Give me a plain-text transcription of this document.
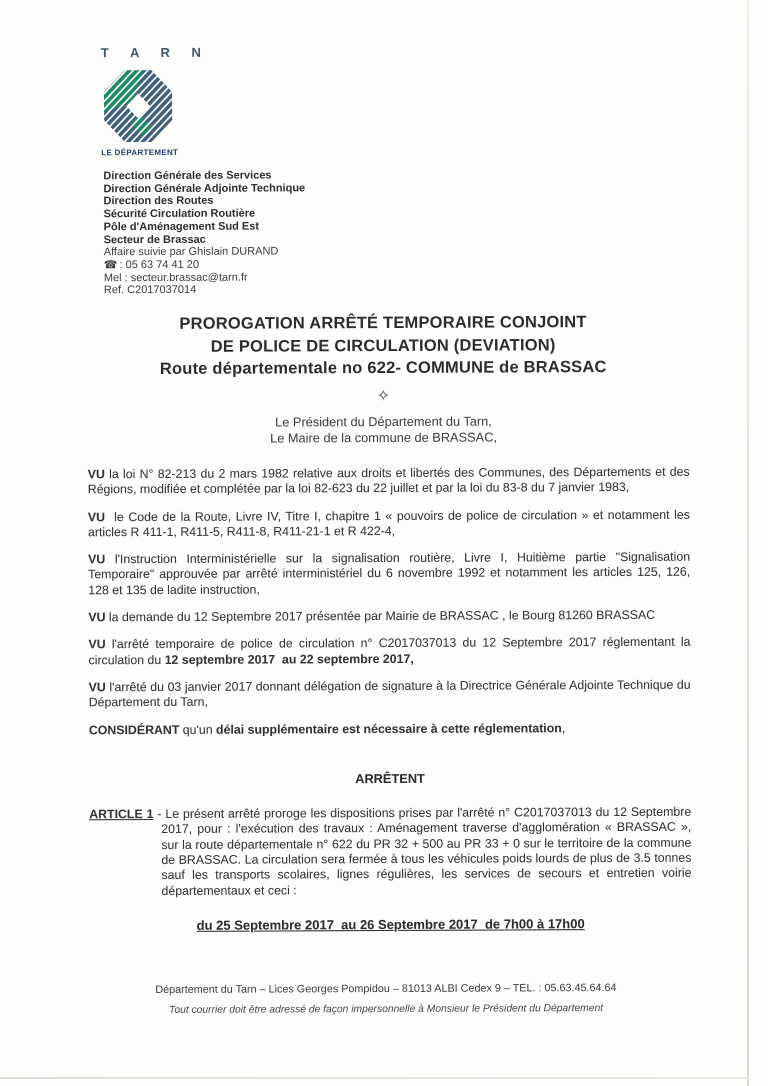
T A R N
LE DÉPARTEMENT
Direction Générale des Services
Direction Générale Adjointe Technique
Direction des Routes
Sécurité Circulation Routière
Pôle d'Aménagement Sud Est
Secteur de Brassac
Affaire suivie par Ghislain DURAND
☎ : 05 63 74 41 20
Mel : secteur.brassac@tarn.fr
Ref. C2017037014
PROROGATION ARRÊTÉ TEMPORAIRE CONJOINT
DE POLICE DE CIRCULATION (DEVIATION)
Route départementale no 622- COMMUNE de BRASSAC
✧
Le Président du Département du Tarn,
Le Maire de la commune de BRASSAC,

VU la loi N° 82-213 du 2 mars 1982 relative aux droits et libertés des Communes, des Départements et des Régions, modifiée et complétée par la loi 82-623 du 22 juillet et par la loi du 83-8 du 7 janvier 1983,

VU  le Code de la Route, Livre IV, Titre I, chapitre 1 « pouvoirs de police de circulation » et notamment les articles R 411-1, R411-5, R411-8, R411-21-1 et R 422-4,

VU l'Instruction Interministérielle sur la signalisation routière, Livre I, Huitième partie "Signalisation Temporaire" approuvée par arrêté interministériel du 6 novembre 1992 et notamment les articles 125, 126, 128 et 135 de ladite instruction,

VU la demande du 12 Septembre 2017 présentée par Mairie de BRASSAC , le Bourg 81260 BRASSAC

VU l'arrêté temporaire de police de circulation n° C2017037013 du 12 Septembre 2017 réglementant la circulation du 12 septembre 2017  au 22 septembre 2017,

VU l'arrêté du 03 janvier 2017 donnant délégation de signature à la Directrice Générale Adjointe Technique du Département du Tarn,

CONSIDÉRANT qu'un délai supplémentaire est nécessaire à cette réglementation,

ARRÊTENT

ARTICLE 1 - Le présent arrêté proroge les dispositions prises par l'arrêté n° C2017037013 du 12 Septembre 2017, pour : l'exécution des travaux : Aménagement traverse d'agglomération « BRASSAC », sur la route départementale n° 622 du PR 32 + 500 au PR 33 + 0 sur le territoire de la commune de BRASSAC. La circulation sera fermée à tous les véhicules poids lourds de plus de 3.5 tonnes sauf les transports scolaires, lignes régulières, les services de secours et entretien voirie départementaux et ceci :

du 25 Septembre 2017  au 26 Septembre 2017  de 7h00 à 17h00
Département du Tarn – Lices Georges Pompidou – 81013 ALBI Cedex 9 – TEL. : 05.63.45.64.64
Tout courrier doit être adressé de façon impersonnelle à Monsieur le Président du Département
